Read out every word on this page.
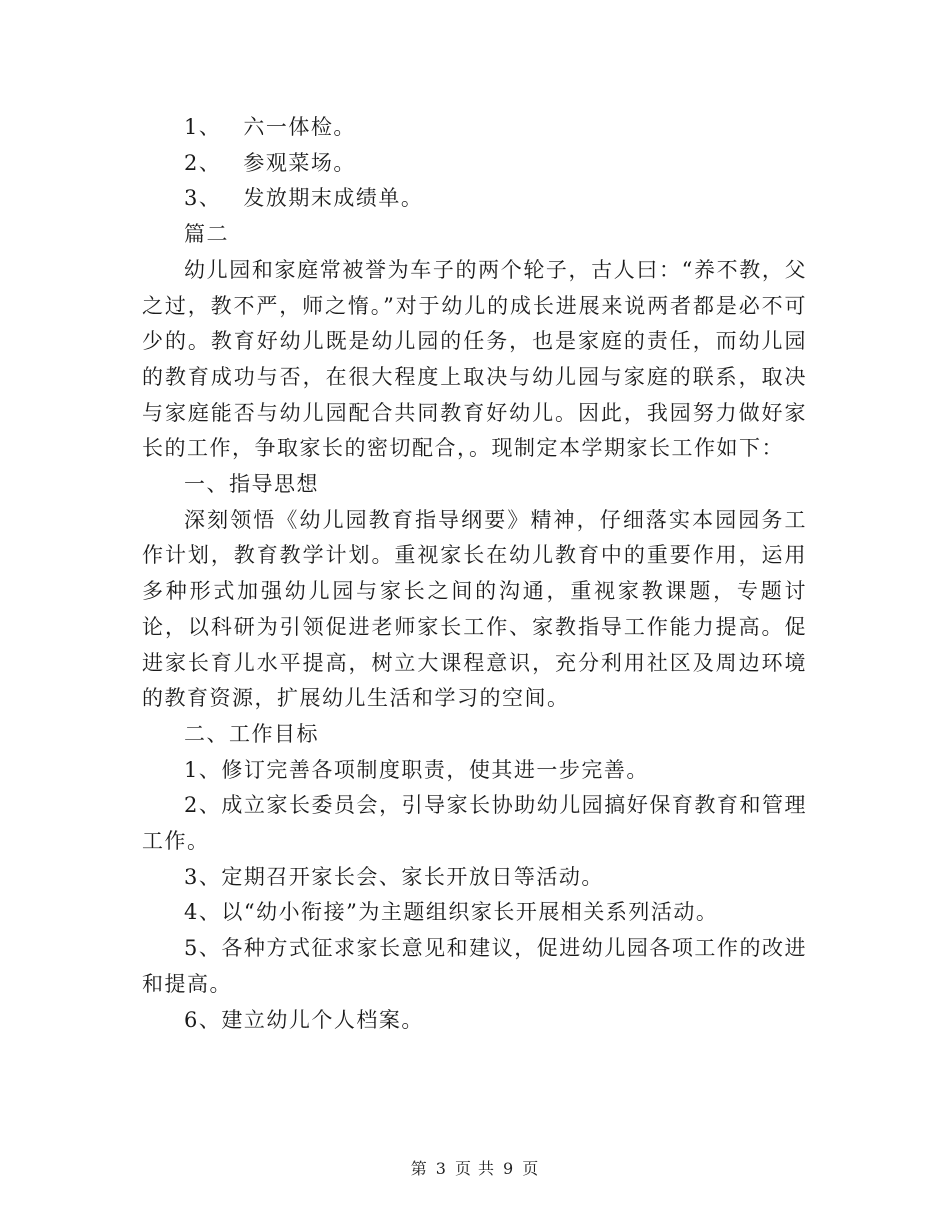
1、 六一体检。

2、 参观菜场。

3、 发放期末成绩单。

篇二

幼儿园和家庭常被誉为车子的两个轮子，古人曰：“养不教，父之过，教不严，师之惰。”对于幼儿的成长进展来说两者都是必不可少的。教育好幼儿既是幼儿园的任务，也是家庭的责任，而幼儿园的教育成功与否，在很大程度上取决与幼儿园与家庭的联系，取决与家庭能否与幼儿园配合共同教育好幼儿。因此，我园努力做好家长的工作，争取家长的密切配合，。现制定本学期家长工作如下：

一、指导思想

深刻领悟《幼儿园教育指导纲要》精神，仔细落实本园园务工作计划，教育教学计划。重视家长在幼儿教育中的重要作用，运用多种形式加强幼儿园与家长之间的沟通，重视家教课题，专题讨论，以科研为引领促进老师家长工作、家教指导工作能力提高。促进家长育儿水平提高，树立大课程意识，充分利用社区及周边环境的教育资源，扩展幼儿生活和学习的空间。

二、工作目标

1、修订完善各项制度职责，使其进一步完善。

2、成立家长委员会，引导家长协助幼儿园搞好保育教育和管理工作。

3、定期召开家长会、家长开放日等活动。

4、以“幼小衔接”为主题组织家长开展相关系列活动。

5、各种方式征求家长意见和建议，促进幼儿园各项工作的改进和提高。

6、建立幼儿个人档案。

第 3 页 共 9 页
